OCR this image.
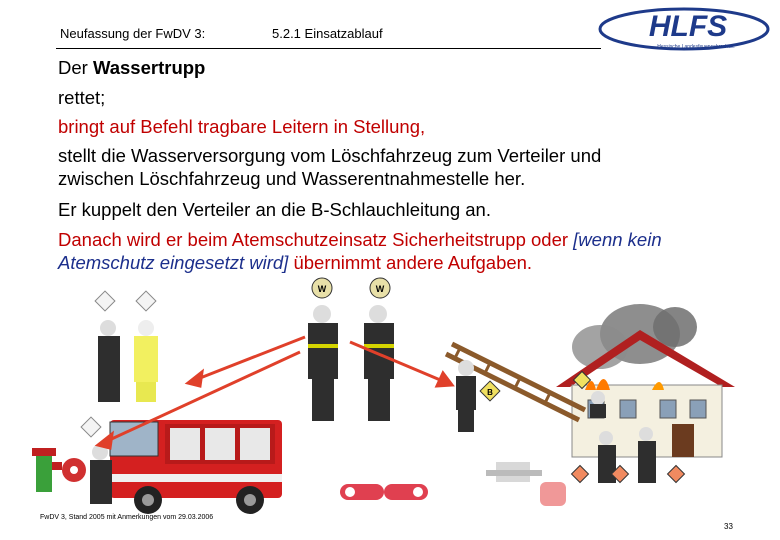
Neufassung der FwDV 3:	5.2.1 Einsatzablauf	HLFS
Hessische Landesfeuerwehrschule
Der Wassertrupp
rettet;
bringt auf Befehl tragbare Leitern in Stellung,
stellt die Wasserversorgung vom Löschfahrzeug zum Verteiler und
zwischen Löschfahrzeug und Wasserentnahmestelle her.
Er kuppelt den Verteiler an die B-Schlauchleitung an.
Danach wird er beim Atemschutzeinsatz Sicherheitstrupp oder [wenn kein
Atemschutz eingesetzt wird] übernimmt andere Aufgaben.
W	W
B
FwDV 3, Stand 2005 mit Anmerkungen vom 29.03.2006
33
